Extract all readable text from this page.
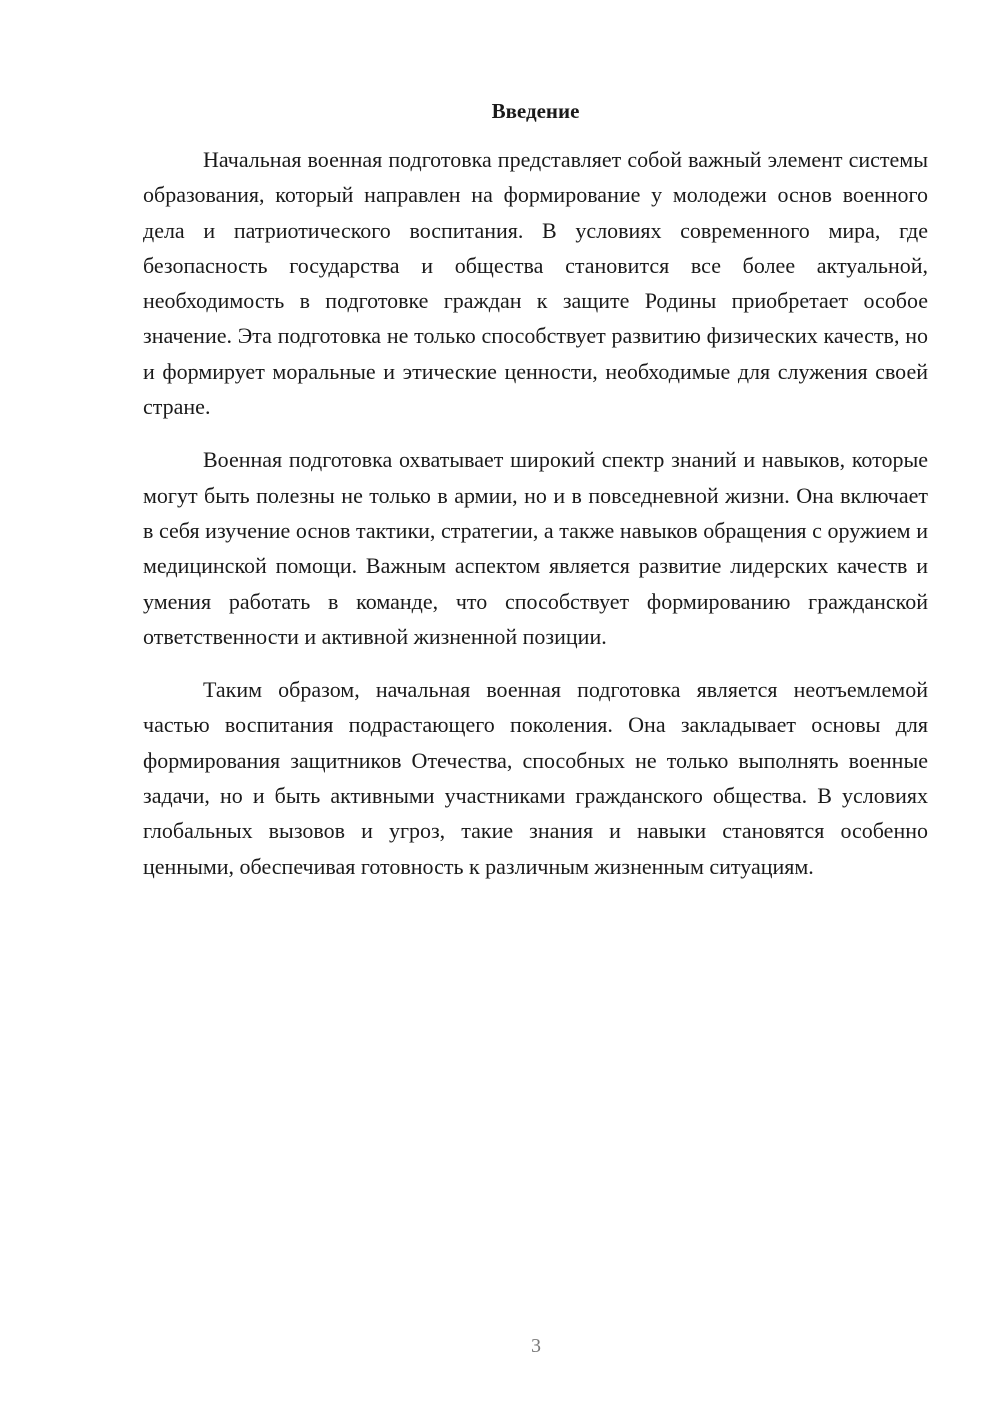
Введение

Начальная военная подготовка представляет собой важный элемент системы образования, который направлен на формирование у молодежи основ военного дела и патриотического воспитания. В условиях современного мира, где безопасность государства и общества становится все более актуальной, необходимость в подготовке граждан к защите Родины приобретает особое значение. Эта подготовка не только способствует развитию физических качеств, но и формирует моральные и этические ценности, необходимые для служения своей стране.

Военная подготовка охватывает широкий спектр знаний и навыков, которые могут быть полезны не только в армии, но и в повседневной жизни. Она включает в себя изучение основ тактики, стратегии, а также навыков обращения с оружием и медицинской помощи. Важным аспектом является развитие лидерских качеств и умения работать в команде, что способствует формированию гражданской ответственности и активной жизненной позиции.

Таким образом, начальная военная подготовка является неотъемлемой частью воспитания подрастающего поколения. Она закладывает основы для формирования защитников Отечества, способных не только выполнять военные задачи, но и быть активными участниками гражданского общества. В условиях глобальных вызовов и угроз, такие знания и навыки становятся особенно ценными, обеспечивая готовность к различным жизненным ситуациям.

3
